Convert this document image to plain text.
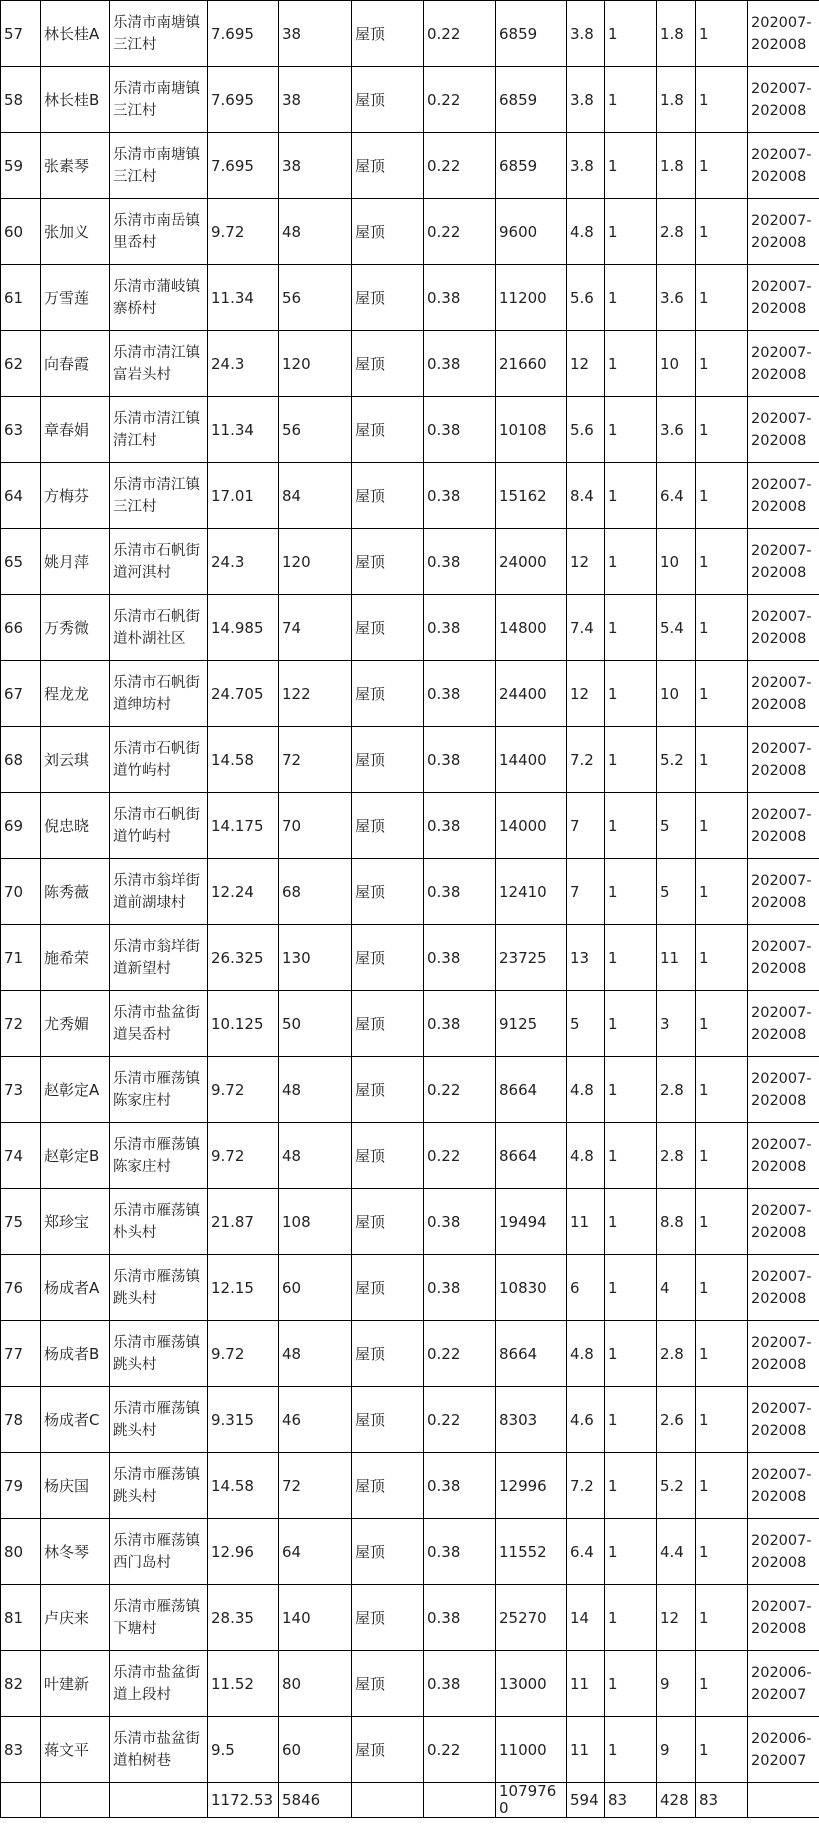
57	林长桂A	乐清市南塘镇三江村	7.695	38	屋顶	0.22	6859	3.8	1	1.8	1	202007-202008
58	林长桂B	乐清市南塘镇三江村	7.695	38	屋顶	0.22	6859	3.8	1	1.8	1	202007-202008
59	张素琴	乐清市南塘镇三江村	7.695	38	屋顶	0.22	6859	3.8	1	1.8	1	202007-202008
60	张加义	乐清市南岳镇里岙村	9.72	48	屋顶	0.22	9600	4.8	1	2.8	1	202007-202008
61	万雪莲	乐清市蒲岐镇寨桥村	11.34	56	屋顶	0.38	11200	5.6	1	3.6	1	202007-202008
62	向春霞	乐清市清江镇富岩头村	24.3	120	屋顶	0.38	21660	12	1	10	1	202007-202008
63	章春娟	乐清市清江镇清江村	11.34	56	屋顶	0.38	10108	5.6	1	3.6	1	202007-202008
64	方梅芬	乐清市清江镇三江村	17.01	84	屋顶	0.38	15162	8.4	1	6.4	1	202007-202008
65	姚月萍	乐清市石帆街道河淇村	24.3	120	屋顶	0.38	24000	12	1	10	1	202007-202008
66	万秀微	乐清市石帆街道朴湖社区	14.985	74	屋顶	0.38	14800	7.4	1	5.4	1	202007-202008
67	程龙龙	乐清市石帆街道绅坊村	24.705	122	屋顶	0.38	24400	12	1	10	1	202007-202008
68	刘云琪	乐清市石帆街道竹屿村	14.58	72	屋顶	0.38	14400	7.2	1	5.2	1	202007-202008
69	倪忠晓	乐清市石帆街道竹屿村	14.175	70	屋顶	0.38	14000	7	1	5	1	202007-202008
70	陈秀薇	乐清市翁垟街道前湖埭村	12.24	68	屋顶	0.38	12410	7	1	5	1	202007-202008
71	施希荣	乐清市翁垟街道新望村	26.325	130	屋顶	0.38	23725	13	1	11	1	202007-202008
72	尤秀媚	乐清市盐盆街道吴岙村	10.125	50	屋顶	0.38	9125	5	1	3	1	202007-202008
73	赵彰定A	乐清市雁荡镇陈家庄村	9.72	48	屋顶	0.22	8664	4.8	1	2.8	1	202007-202008
74	赵彰定B	乐清市雁荡镇陈家庄村	9.72	48	屋顶	0.22	8664	4.8	1	2.8	1	202007-202008
75	郑珍宝	乐清市雁荡镇朴头村	21.87	108	屋顶	0.38	19494	11	1	8.8	1	202007-202008
76	杨成者A	乐清市雁荡镇跳头村	12.15	60	屋顶	0.38	10830	6	1	4	1	202007-202008
77	杨成者B	乐清市雁荡镇跳头村	9.72	48	屋顶	0.22	8664	4.8	1	2.8	1	202007-202008
78	杨成者C	乐清市雁荡镇跳头村	9.315	46	屋顶	0.22	8303	4.6	1	2.6	1	202007-202008
79	杨庆国	乐清市雁荡镇跳头村	14.58	72	屋顶	0.38	12996	7.2	1	5.2	1	202007-202008
80	林冬琴	乐清市雁荡镇西门岛村	12.96	64	屋顶	0.38	11552	6.4	1	4.4	1	202007-202008
81	卢庆来	乐清市雁荡镇下塘村	28.35	140	屋顶	0.38	25270	14	1	12	1	202007-202008
82	叶建新	乐清市盐盆街道上段村	11.52	80	屋顶	0.38	13000	11	1	9	1	202006-202007
83	蒋文平	乐清市盐盆街道柏树巷	9.5	60	屋顶	0.22	11000	11	1	9	1	202006-202007
			1172.53	5846			1079760	594	83	428	83	
